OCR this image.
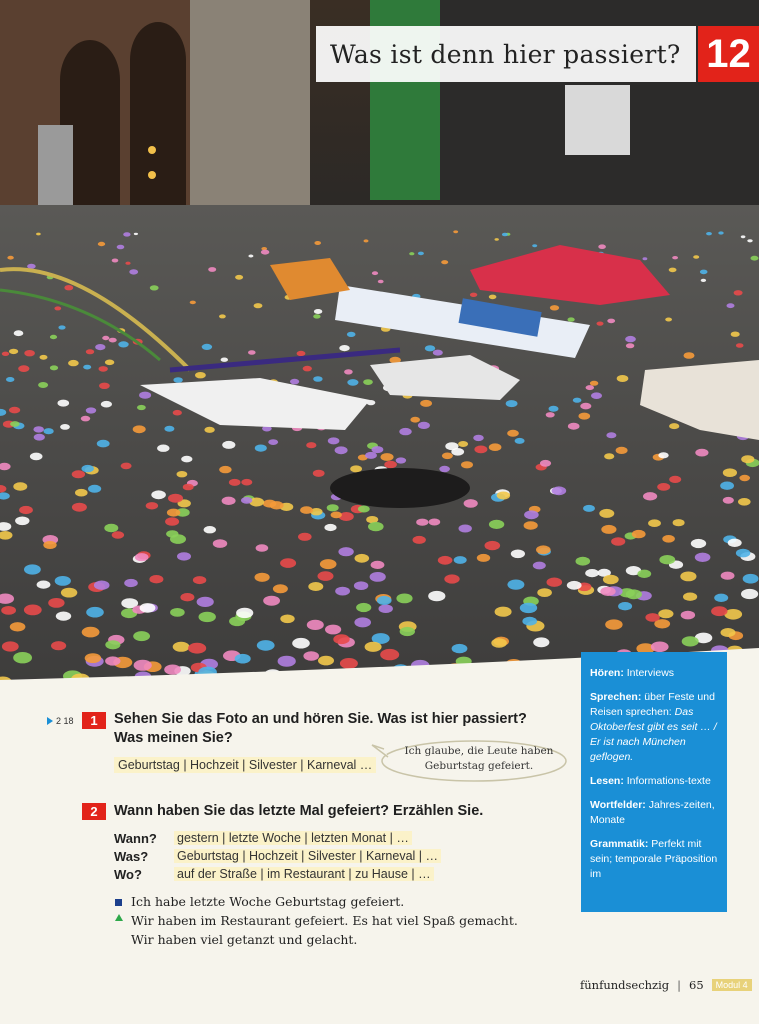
Was ist denn hier passiert? 12
Hören: Interviews
Sprechen: über Feste und Reisen sprechen: Das Oktoberfest gibt es seit … / Er ist nach München geflogen.
Lesen: Informations-texte
Wortfelder: Jahres-zeiten, Monate
Grammatik: Perfekt mit sein; temporale Präposition im
2 18	1	Sehen Sie das Foto an und hören Sie. Was ist hier passiert? Was meinen Sie?
Geburtstag | Hochzeit | Silvester | Karneval …
Ich glaube, die Leute haben Geburtstag gefeiert.
2	Wann haben Sie das letzte Mal gefeiert? Erzählen Sie.
Wann? gestern | letzte Woche | letzten Monat | …
Was? Geburtstag | Hochzeit | Silvester | Karneval | …
Wo?	auf der Straße | im Restaurant | zu Hause | …
Ich habe letzte Woche Geburtstag gefeiert.
Wir haben im Restaurant gefeiert. Es hat viel Spaß gemacht.
Wir haben viel getanzt und gelacht.
fünfundsechzig | 65	Modul 4
